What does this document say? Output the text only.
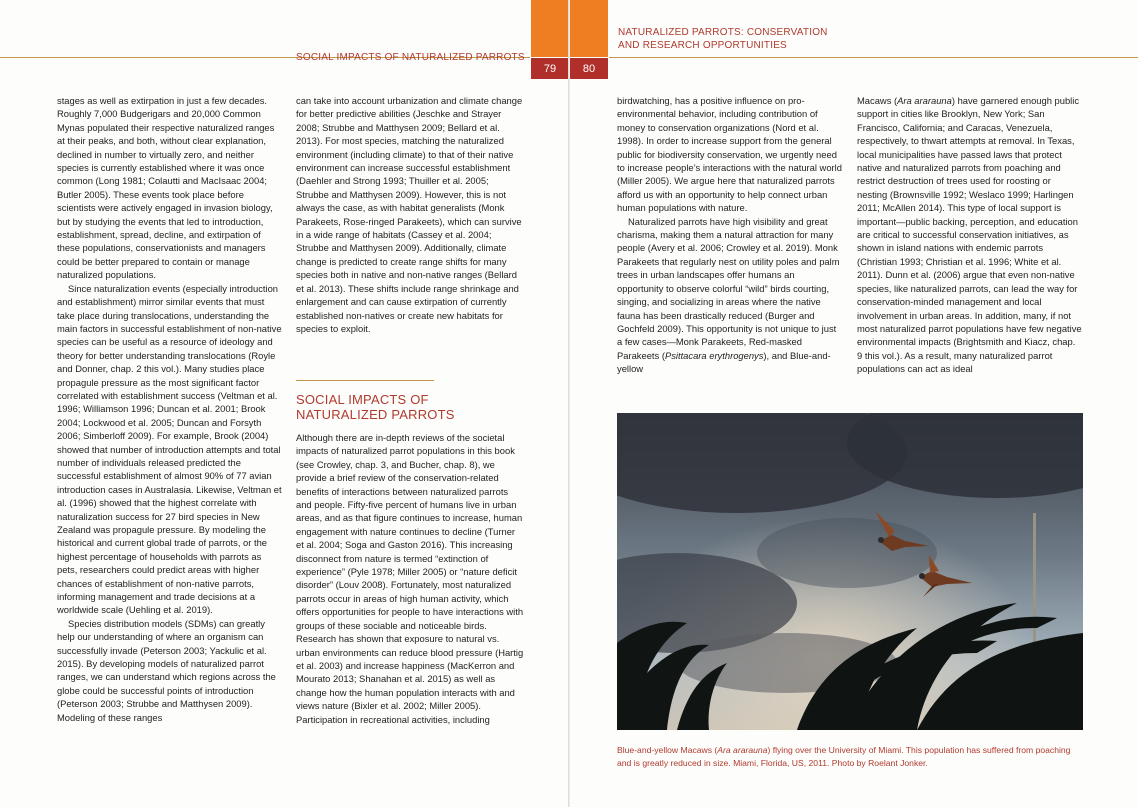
SOCIAL IMPACTS OF NATURALIZED PARROTS
79

stages as well as extirpation in just a few decades. Roughly 7,000 Budgerigars and 20,000 Common Mynas populated their respective naturalized ranges at their peaks, and both, without clear explanation, declined in number to virtually zero, and neither species is currently established where it was once common (Long 1981; Colautti and MacIsaac 2004; Butler 2005). These events took place before scientists were actively engaged in invasion biology, but by studying the events that led to introduction, establishment, spread, decline, and extirpation of these populations, conservationists and managers could be better prepared to contain or manage naturalized populations.

Since naturalization events (especially introduction and establishment) mirror similar events that must take place during translocations, understanding the main factors in successful establishment of non-native species can be useful as a resource of ideology and theory for better understanding translocations (Royle and Donner, chap. 2 this vol.). Many studies place propagule pressure as the most significant factor correlated with establishment success (Veltman et al. 1996; Williamson 1996; Duncan et al. 2001; Brook 2004; Lockwood et al. 2005; Duncan and Forsyth 2006; Simberloff 2009). For example, Brook (2004) showed that number of introduction attempts and total number of individuals released predicted the successful establishment of almost 90% of 77 avian introduction cases in Australasia. Likewise, Veltman et al. (1996) showed that the highest correlate with naturalization success for 27 bird species in New Zealand was propagule pressure. By modeling the historical and current global trade of parrots, or the highest percentage of households with parrots as pets, researchers could predict areas with higher chances of establishment of non-native parrots, informing management and trade decisions at a worldwide scale (Uehling et al. 2019).

Species distribution models (SDMs) can greatly help our understanding of where an organism can successfully invade (Peterson 2003; Yackulic et al. 2015). By developing models of naturalized parrot ranges, we can understand which regions across the globe could be successful points of introduction (Peterson 2003; Strubbe and Matthysen 2009). Modeling of these ranges

can take into account urbanization and climate change for better predictive abilities (Jeschke and Strayer 2008; Strubbe and Matthysen 2009; Bellard et al. 2013). For most species, matching the naturalized environment (including climate) to that of their native environment can increase successful establishment (Daehler and Strong 1993; Thuiller et al. 2005; Strubbe and Matthysen 2009). However, this is not always the case, as with habitat generalists (Monk Parakeets, Rose-ringed Parakeets), which can survive in a wide range of habitats (Cassey et al. 2004; Strubbe and Matthysen 2009). Additionally, climate change is predicted to create range shifts for many species both in native and non-native ranges (Bellard et al. 2013). These shifts include range shrinkage and enlargement and can cause extirpation of currently established non-natives or create new habitats for species to exploit.

SOCIAL IMPACTS OF
NATURALIZED PARROTS

Although there are in-depth reviews of the societal impacts of naturalized parrot populations in this book (see Crowley, chap. 3, and Bucher, chap. 8), we provide a brief review of the conservation-related benefits of interactions between naturalized parrots and people. Fifty-five percent of humans live in urban areas, and as that figure continues to increase, human engagement with nature continues to decline (Turner et al. 2004; Soga and Gaston 2016). This increasing disconnect from nature is termed “extinction of experience” (Pyle 1978; Miller 2005) or “nature deficit disorder” (Louv 2008). Fortunately, most naturalized parrots occur in areas of high human activity, which offers opportunities for people to have interactions with groups of these sociable and noticeable birds. Research has shown that exposure to natural vs. urban environments can reduce blood pressure (Hartig et al. 2003) and increase happiness (MacKerron and Mourato 2013; Shanahan et al. 2015) as well as change how the human population interacts with and views nature (Bixler et al. 2002; Miller 2005). Participation in recreational activities, including

80
NATURALIZED PARROTS: CONSERVATION
AND RESEARCH OPPORTUNITIES

birdwatching, has a positive influence on pro-environmental behavior, including contribution of money to conservation organizations (Nord et al. 1998). In order to increase support from the general public for biodiversity conservation, we urgently need to increase people’s interactions with the natural world (Miller 2005). We argue here that naturalized parrots afford us with an opportunity to help connect urban human populations with nature.

Naturalized parrots have high visibility and great charisma, making them a natural attraction for many people (Avery et al. 2006; Crowley et al. 2019). Monk Parakeets that regularly nest on utility poles and palm trees in urban landscapes offer humans an opportunity to observe colorful “wild” birds courting, singing, and socializing in areas where the native fauna has been drastically reduced (Burger and Gochfeld 2009). This opportunity is not unique to just a few cases—Monk Parakeets, Red-masked Parakeets (Psittacara erythrogenys), and Blue-and-yellow

Macaws (Ara ararauna) have garnered enough public support in cities like Brooklyn, New York; San Francisco, California; and Caracas, Venezuela, respectively, to thwart attempts at removal. In Texas, local municipalities have passed laws that protect native and naturalized parrots from poaching and restrict destruction of trees used for roosting or nesting (Brownsville 1992; Weslaco 1999; Harlingen 2011; McAllen 2014). This type of local support is important—public backing, perception, and education are critical to successful conservation initiatives, as shown in island nations with endemic parrots (Christian 1993; Christian et al. 1996; White et al. 2011). Dunn et al. (2006) argue that even non-native species, like naturalized parrots, can lead the way for conservation-minded management and local involvement in urban areas. In addition, many, if not most naturalized parrot populations have few negative environmental impacts (Brightsmith and Kiacz, chap. 9 this vol.). As a result, many naturalized parrot populations can act as ideal

Blue-and-yellow Macaws (Ara ararauna) flying over the University of Miami. This population has suffered from poaching and is greatly reduced in size. Miami, Florida, US, 2011. Photo by Roelant Jonker.
